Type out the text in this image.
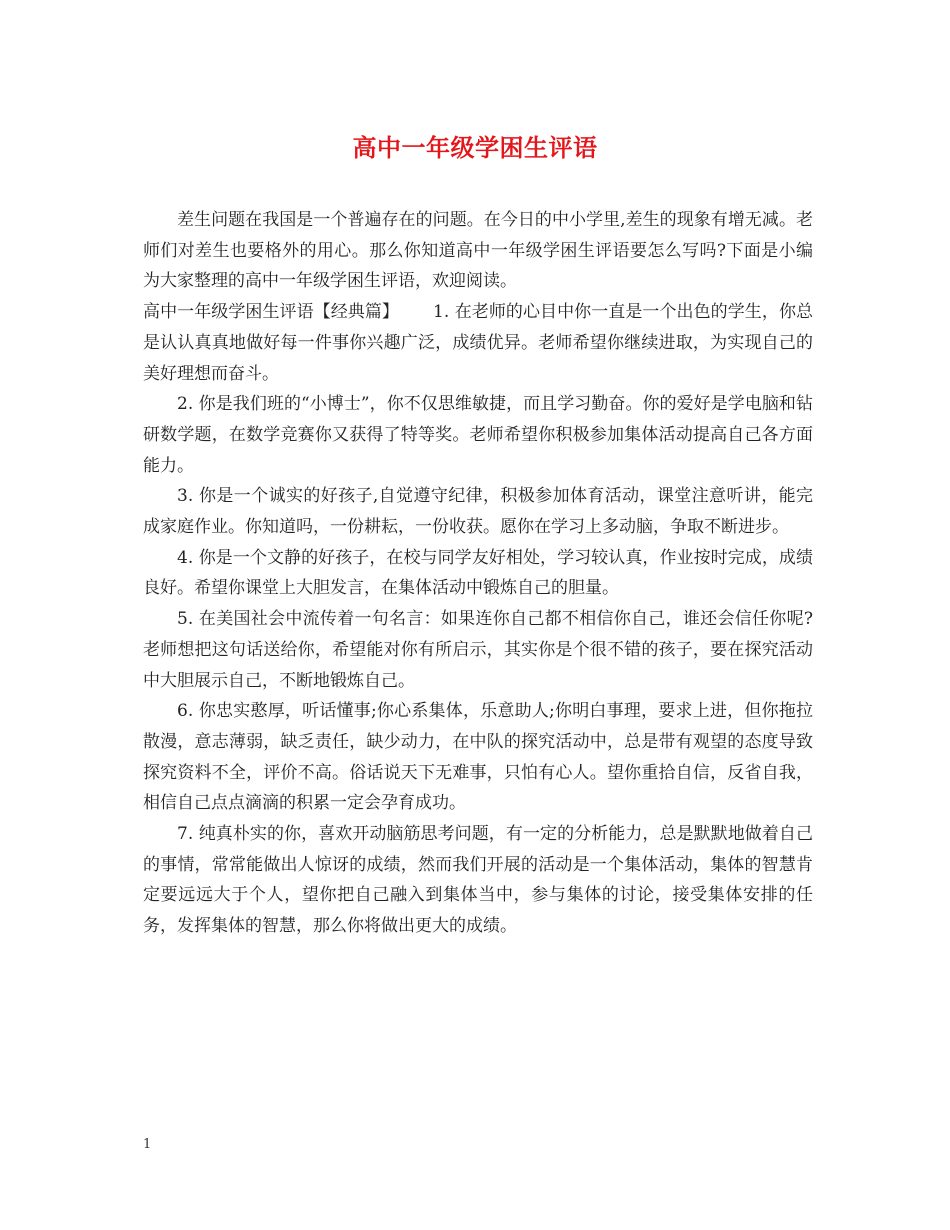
高中一年级学困生评语

差生问题在我国是一个普遍存在的问题。在今日的中小学里,差生的现象有增无减。老师们对差生也要格外的用心。那么你知道高中一年级学困生评语要怎么写吗?下面是小编为大家整理的高中一年级学困生评语，欢迎阅读。

高中一年级学困生评语【经典篇】 1. 在老师的心目中你一直是一个出色的学生，你总是认认真真地做好每一件事你兴趣广泛，成绩优异。老师希望你继续进取，为实现自己的美好理想而奋斗。

2. 你是我们班的“小博士”，你不仅思维敏捷，而且学习勤奋。你的爱好是学电脑和钻研数学题，在数学竞赛你又获得了特等奖。老师希望你积极参加集体活动提高自己各方面能力。

3. 你是一个诚实的好孩子,自觉遵守纪律，积极参加体育活动，课堂注意听讲，能完成家庭作业。你知道吗，一份耕耘，一份收获。愿你在学习上多动脑，争取不断进步。

4. 你是一个文静的好孩子，在校与同学友好相处，学习较认真，作业按时完成，成绩良好。希望你课堂上大胆发言，在集体活动中锻炼自己的胆量。

5. 在美国社会中流传着一句名言：如果连你自己都不相信你自己，谁还会信任你呢?老师想把这句话送给你，希望能对你有所启示，其实你是个很不错的孩子，要在探究活动中大胆展示自己，不断地锻炼自己。

6. 你忠实憨厚，听话懂事;你心系集体，乐意助人;你明白事理，要求上进，但你拖拉散漫，意志薄弱，缺乏责任，缺少动力，在中队的探究活动中，总是带有观望的态度导致探究资料不全，评价不高。俗话说天下无难事，只怕有心人。望你重拾自信，反省自我，相信自己点点滴滴的积累一定会孕育成功。

7. 纯真朴实的你，喜欢开动脑筋思考问题，有一定的分析能力，总是默默地做着自己的事情，常常能做出人惊讶的成绩，然而我们开展的活动是一个集体活动，集体的智慧肯定要远远大于个人，望你把自己融入到集体当中，参与集体的讨论，接受集体安排的任务，发挥集体的智慧，那么你将做出更大的成绩。

1
